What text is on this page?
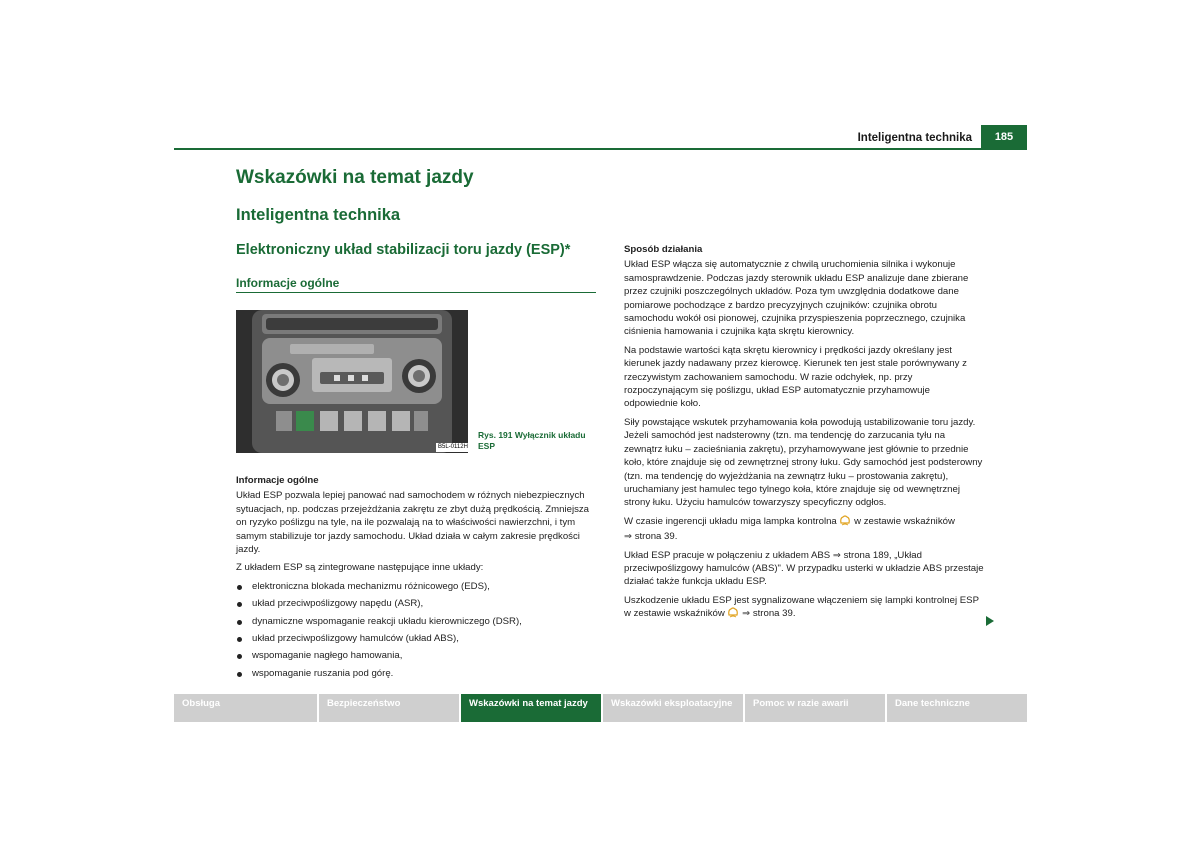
Inteligentna technika	185
Wskazówki na temat jazdy
Inteligentna technika
Elektroniczny układ stabilizacji toru jazdy (ESP)*
Informacje ogólne
B5L-0112H
Rys. 191 Wyłącznik układu ESP

Informacje ogólne

Układ ESP pozwala lepiej panować nad samochodem w różnych niebezpiecznych sytuacjach, np. podczas przejeżdżania zakrętu ze zbyt dużą prędkością. Zmniejsza on ryzyko poślizgu na tyle, na ile pozwalają na to właściwości nawierzchni, i tym samym stabilizuje tor jazdy samochodu. Układ działa w całym zakresie prędkości jazdy.

Z układem ESP są zintegrowane następujące inne układy:

elektroniczna blokada mechanizmu różnicowego (EDS),
układ przeciwpoślizgowy napędu (ASR),
dynamiczne wspomaganie reakcji układu kierowniczego (DSR),
układ przeciwpoślizgowy hamulców (układ ABS),
wspomaganie nagłego hamowania,
wspomaganie ruszania pod górę.

Sposób działania

Układ ESP włącza się automatycznie z chwilą uruchomienia silnika i wykonuje samosprawdzenie. Podczas jazdy sterownik układu ESP analizuje dane zbierane przez czujniki poszczególnych układów. Poza tym uwzględnia dodatkowe dane pomiarowe pochodzące z bardzo precyzyjnych czujników: czujnika obrotu samochodu wokół osi pionowej, czujnika przyspieszenia poprzecznego, czujnika ciśnienia hamowania i czujnika kąta skrętu kierownicy.

Na podstawie wartości kąta skrętu kierownicy i prędkości jazdy określany jest kierunek jazdy nadawany przez kierowcę. Kierunek ten jest stale porównywany z rzeczywistym zachowaniem samochodu. W razie odchyłek, np. przy rozpoczynającym się poślizgu, układ ESP automatycznie przyhamowuje odpowiednie koło.

Siły powstające wskutek przyhamowania koła powodują ustabilizowanie toru jazdy. Jeżeli samochód jest nadsterowny (tzn. ma tendencję do zarzucania tyłu na zewnątrz łuku – zacieśniania zakrętu), przyhamowywane jest głównie to przednie koło, które znajduje się od zewnętrznej strony łuku. Gdy samochód jest podsterowny (tzn. ma tendencję do wyjeżdżania na zewnątrz łuku – prostowania zakrętu), uruchamiany jest hamulec tego tylnego koła, które znajduje się od wewnętrznej strony łuku. Użyciu hamulców towarzyszy specyficzny odgłos.

W czasie ingerencji układu miga lampka kontrolna w zestawie wskaźników
⇒ strona 39.

Układ ESP pracuje w połączeniu z układem ABS ⇒ strona 189, „Układ przeciwpoślizgowy hamulców (ABS)". W przypadku usterki w układzie ABS przestaje działać także funkcja układu ESP.

Uszkodzenie układu ESP jest sygnalizowane włączeniem się lampki kontrolnej ESP w zestawie wskaźników ⇒ strona 39.

Obsługa	Bezpieczeństwo	Wskazówki na temat jazdy	Wskazówki eksploatacyjne	Pomoc w razie awarii	Dane techniczne
